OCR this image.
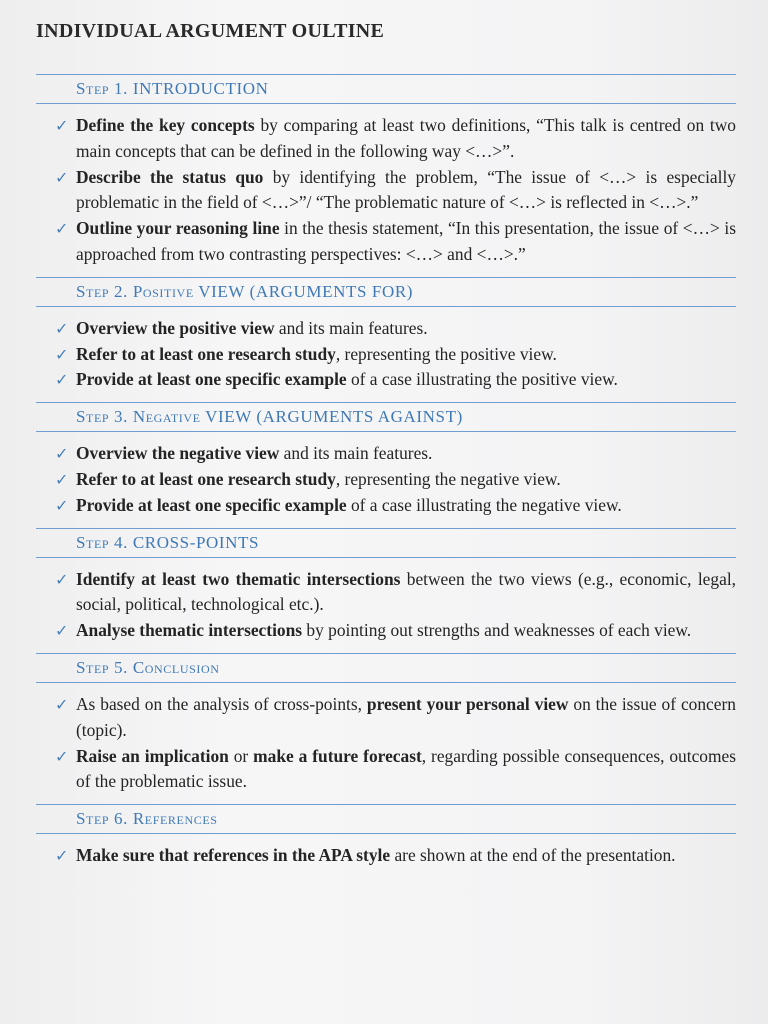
INDIVIDUAL ARGUMENT OULTINE
Step 1. INTRODUCTION
✓ Define the key concepts by comparing at least two definitions, “This talk is centred on two main concepts that can be defined in the following way <…>”.
✓ Describe the status quo by identifying the problem, “The issue of <…> is especially problematic in the field of <…>”/ “The problematic nature of <…> is reflected in <…>.”
✓ Outline your reasoning line in the thesis statement, “In this presentation, the issue of <…> is approached from two contrasting perspectives: <…> and <…>.”
Step 2. Positive VIEW (ARGUMENTS FOR)
✓ Overview the positive view and its main features.
✓ Refer to at least one research study, representing the positive view.
✓ Provide at least one specific example of a case illustrating the positive view.
Step 3. Negative VIEW (ARGUMENTS AGAINST)
✓ Overview the negative view and its main features.
✓ Refer to at least one research study, representing the negative view.
✓ Provide at least one specific example of a case illustrating the negative view.
Step 4. CROSS-POINTS
✓ Identify at least two thematic intersections between the two views (e.g., economic, legal, social, political, technological etc.).
✓ Analyse thematic intersections by pointing out strengths and weaknesses of each view.
Step 5. Conclusion
✓ As based on the analysis of cross-points, present your personal view on the issue of concern (topic).
✓ Raise an implication or make a future forecast, regarding possible consequences, outcomes of the problematic issue.
Step 6. References
✓ Make sure that references in the APA style are shown at the end of the presentation.
